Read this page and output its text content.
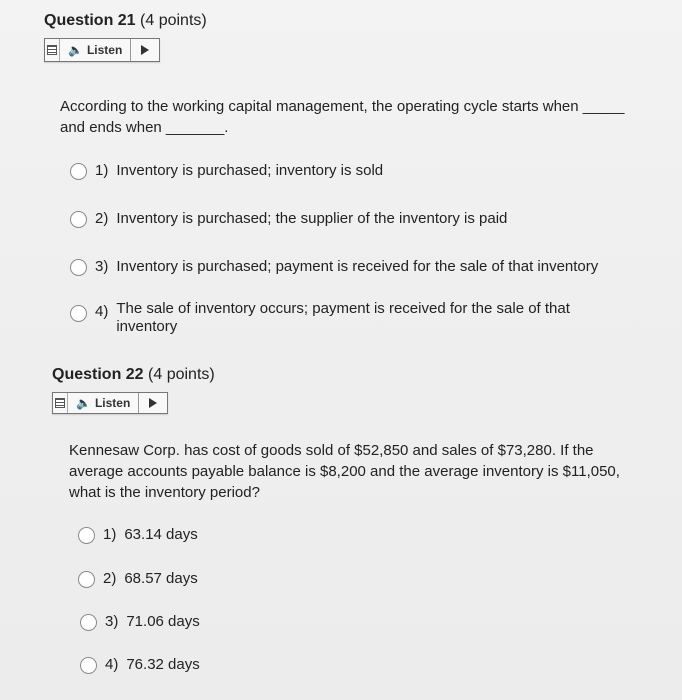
Question 21 (4 points)
🔈 Listen
According to the working capital management, the operating cycle starts when _____
and ends when _______.
1) Inventory is purchased; inventory is sold
2) Inventory is purchased; the supplier of the inventory is paid
3) Inventory is purchased; payment is received for the sale of that inventory
4) The sale of inventory occurs; payment is received for the sale of that inventory
Question 22 (4 points)
🔈 Listen
Kennesaw Corp. has cost of goods sold of $52,850 and sales of $73,280. If the
average accounts payable balance is $8,200 and the average inventory is $11,050,
what is the inventory period?
1) 63.14 days
2) 68.57 days
3) 71.06 days
4) 76.32 days
